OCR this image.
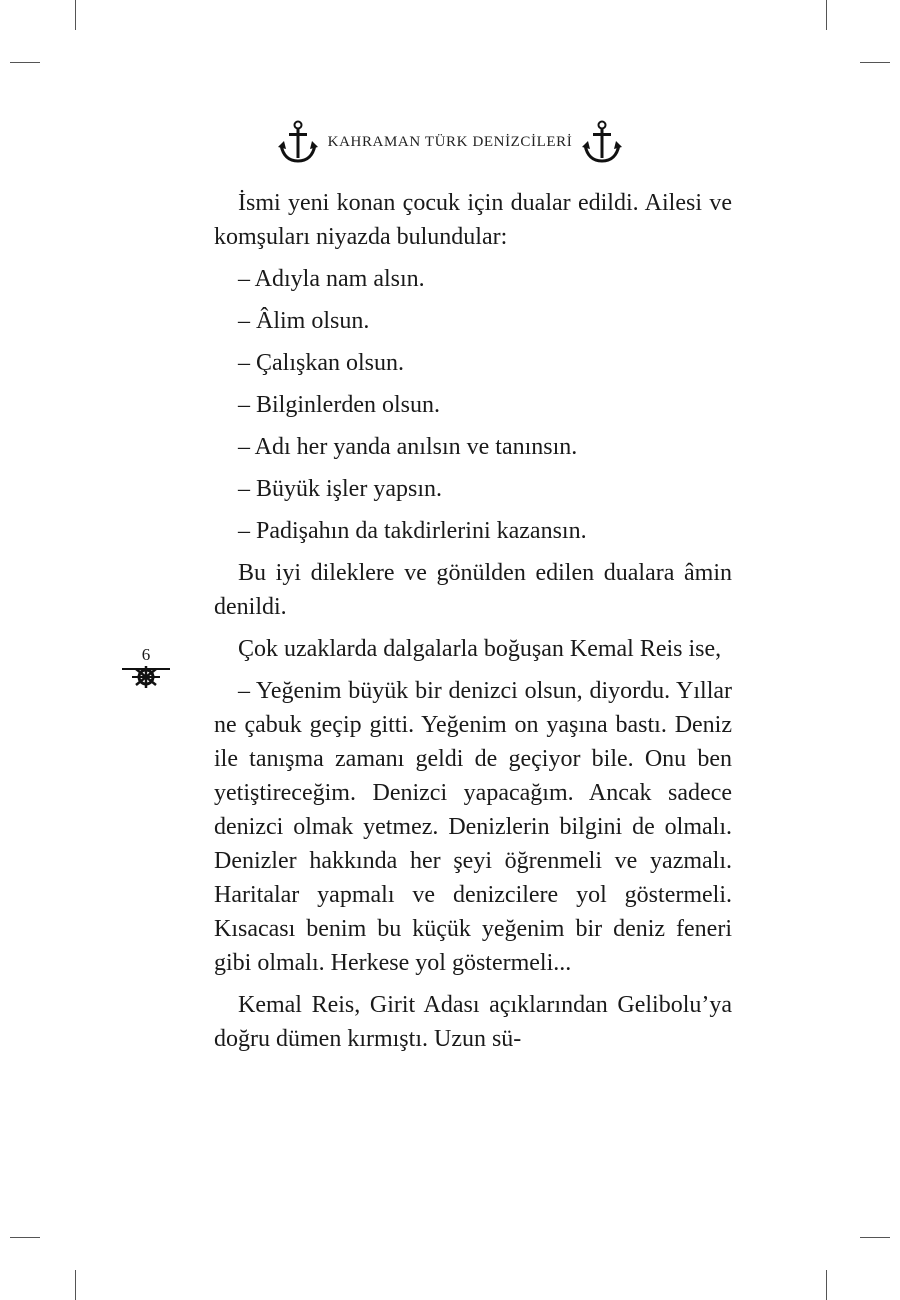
KAHRAMAN TÜRK DENİZCİLERİ
6

İsmi yeni konan çocuk için dualar edildi. Ailesi ve komşuları niyazda bulundular:

– Adıyla nam alsın.

– Âlim olsun.

– Çalışkan olsun.

– Bilginlerden olsun.

– Adı her yanda anılsın ve tanınsın.

– Büyük işler yapsın.

– Padişahın da takdirlerini kazansın.

Bu iyi dileklere ve gönülden edilen dualara âmin denildi.

Çok uzaklarda dalgalarla boğuşan Kemal Reis ise,

– Yeğenim büyük bir denizci olsun, diyordu. Yıllar ne çabuk geçip gitti. Yeğenim on yaşına bastı. Deniz ile tanışma zamanı geldi de geçiyor bile. Onu ben yetiştireceğim. Denizci yapacağım. Ancak sadece denizci olmak yetmez. Denizlerin bilgini de olmalı. Denizler hakkında her şeyi öğrenmeli ve yazmalı. Haritalar yapmalı ve denizcilere yol göstermeli. Kısacası benim bu küçük yeğenim bir deniz feneri gibi olmalı. Herkese yol göstermeli...

Kemal Reis, Girit Adası açıklarından Gelibolu’ya doğru dümen kırmıştı. Uzun sü-
